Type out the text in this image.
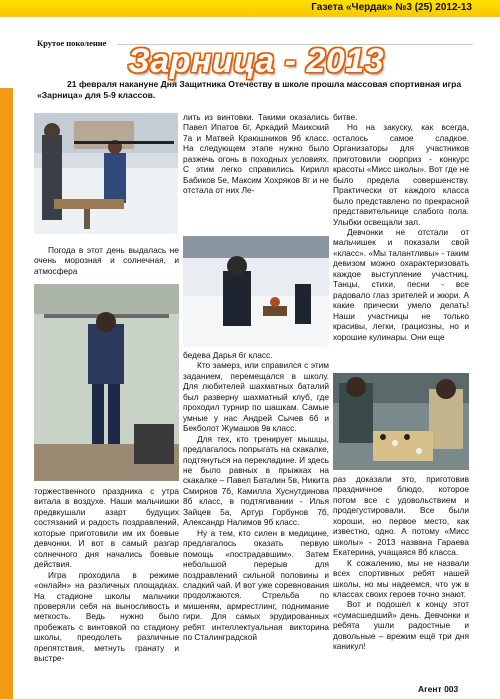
Газета «Чердак» №3 (25) 2012-13
Крутое поколение Зарница - 2013
21 февраля накануне Дня Защитника Отечеству в школе прошла массовая спортивная игра «Зарница» для 5-9 классов.

Погода в этот день выдалась не очень морозная и солнечная, и атмосфера

торжественного праздника с утра витала в воздухе. Наши мальчишки предвкушали азарт будущих состязаний и радость поздравлений, которые приготовили им их боевые девчонки. И вот в самый разгар солнечного дня начались боевые действия.

Игра проходила в режиме «онлайн» на различных площадках. На стадионе школы мальчики проверяли себя на выносливость и меткость. Ведь нужно было пробежать с винтовкой по стадиону школы, преодолеть различные препятствия, метнуть гранату и выстре-

лить из винтовки. Такими оказались Павел Ипатов 6г, Аркадий Маикский 7а и Матвей Краюшников 9б класс. На следующем этапе нужно было разжечь огонь в походных условиях. С этим легко справились Кирилл Бабиков 5е, Максим Хохряков 8г и не отстала от них Ле-

бедева Дарья 6г класс.

Кто замерз, или справился с этим заданием, перемещался в школу. Для любителей шахматных баталий был разверну шахматный клуб, где проходил турнир по шашкам. Самые умные у нас Андрей Сычев 6б и Бекболот Жумашов 9в класс.

Для тех, кто тренирует мышцы, предлагалось попрыгать на скакалке, подтянуться на перекладине. И здесь не было равных в прыжках на скакалке – Павел Баталин 5в, Никита Смирнов 7б, Камилла Хуснутдинова 8б класс, в подтягивании - Илья Зайцев 5а, Артур Горбунов 7б, Александр Налимов 9б класс.

Ну а тем, кто силен в медицине, предлагалось оказать первую помощь «пострадавшим». Затем небольшой перерыв для поздравлений сильной половины и сладкий чай. И вот уже соревнования продолжаются. Стрельба по мишеням, армрестлинг, поднимание гири. Для самых эрудированных ребят интеллектуальная викторина по Сталинградской

битве.

Но на закуску, как всегда, осталось самое сладкое. Организаторы для участников приготовили сюрприз - конкурс красоты «Мисс школы». Вот где не было предела совершенству. Практически от каждого класса было представлено по прекрасной представительнице слабого пола. Улыбки освещали зал.

Девчонки не отстали от мальчишек и показали свой «класс». «Мы талантливы» - таким девизом можно охарактеризовать каждое выступление участниц. Танцы, стихи, песни - все радовало глаз зрителей и жюри. А какие прически умело делать! Наши участницы не только красивы, легки, грациозны, но и хорошие кулинары. Они еще

раз доказали это, приготовив праздничное блюдо, которое потом все с удовольствием и продегустировали. Все были хороши, но первое место, как известно, одно. А потому «Мисс школы» - 2013 названа Гараева Екатерина, учащаяся 8б класса.

К сожалению, мы не назвали всех спортивных ребят нашей школы, но мы надеемся, что уж в классах своих героев точно знают.

Вот и подошел к концу этот «сумасшедший» день. Девчонки и ребята ушли радостные и довольные – врежим ещё три дня каникул!

Агент 003
